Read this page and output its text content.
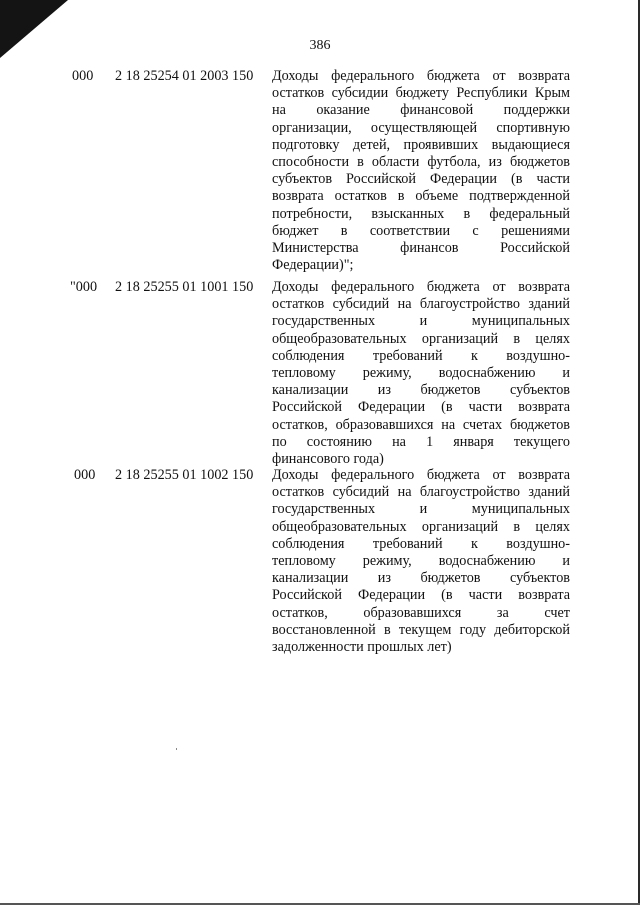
386
000 2 18 25254 01 2003 150 Доходы федерального бюджета от возврата
остатков субсидии бюджету Республики Крым
на оказание финансовой поддержки
организации, осуществляющей спортивную
подготовку детей, проявивших выдающиеся
способности в области футбола, из бюджетов
субъектов Российской Федерации (в части
возврата остатков в объеме подтвержденной
потребности, взысканных в федеральный
бюджет в соответствии с решениями
Министерства финансов Российской
Федерации)";
"000 2 18 25255 01 1001 150 Доходы федерального бюджета от возврата
остатков субсидий на благоустройство зданий
государственных и муниципальных
общеобразовательных организаций в целях
соблюдения требований к воздушно-
тепловому режиму, водоснабжению и
канализации из бюджетов субъектов
Российской Федерации (в части возврата
остатков, образовавшихся на счетах бюджетов
по состоянию на 1 января текущего
финансового года)
000 2 18 25255 01 1002 150 Доходы федерального бюджета от возврата
остатков субсидий на благоустройство зданий
государственных и муниципальных
общеобразовательных организаций в целях
соблюдения требований к воздушно-
тепловому режиму, водоснабжению и
канализации из бюджетов субъектов
Российской Федерации (в части возврата
остатков, образовавшихся за счет
восстановленной в текущем году дебиторской
задолженности прошлых лет)
